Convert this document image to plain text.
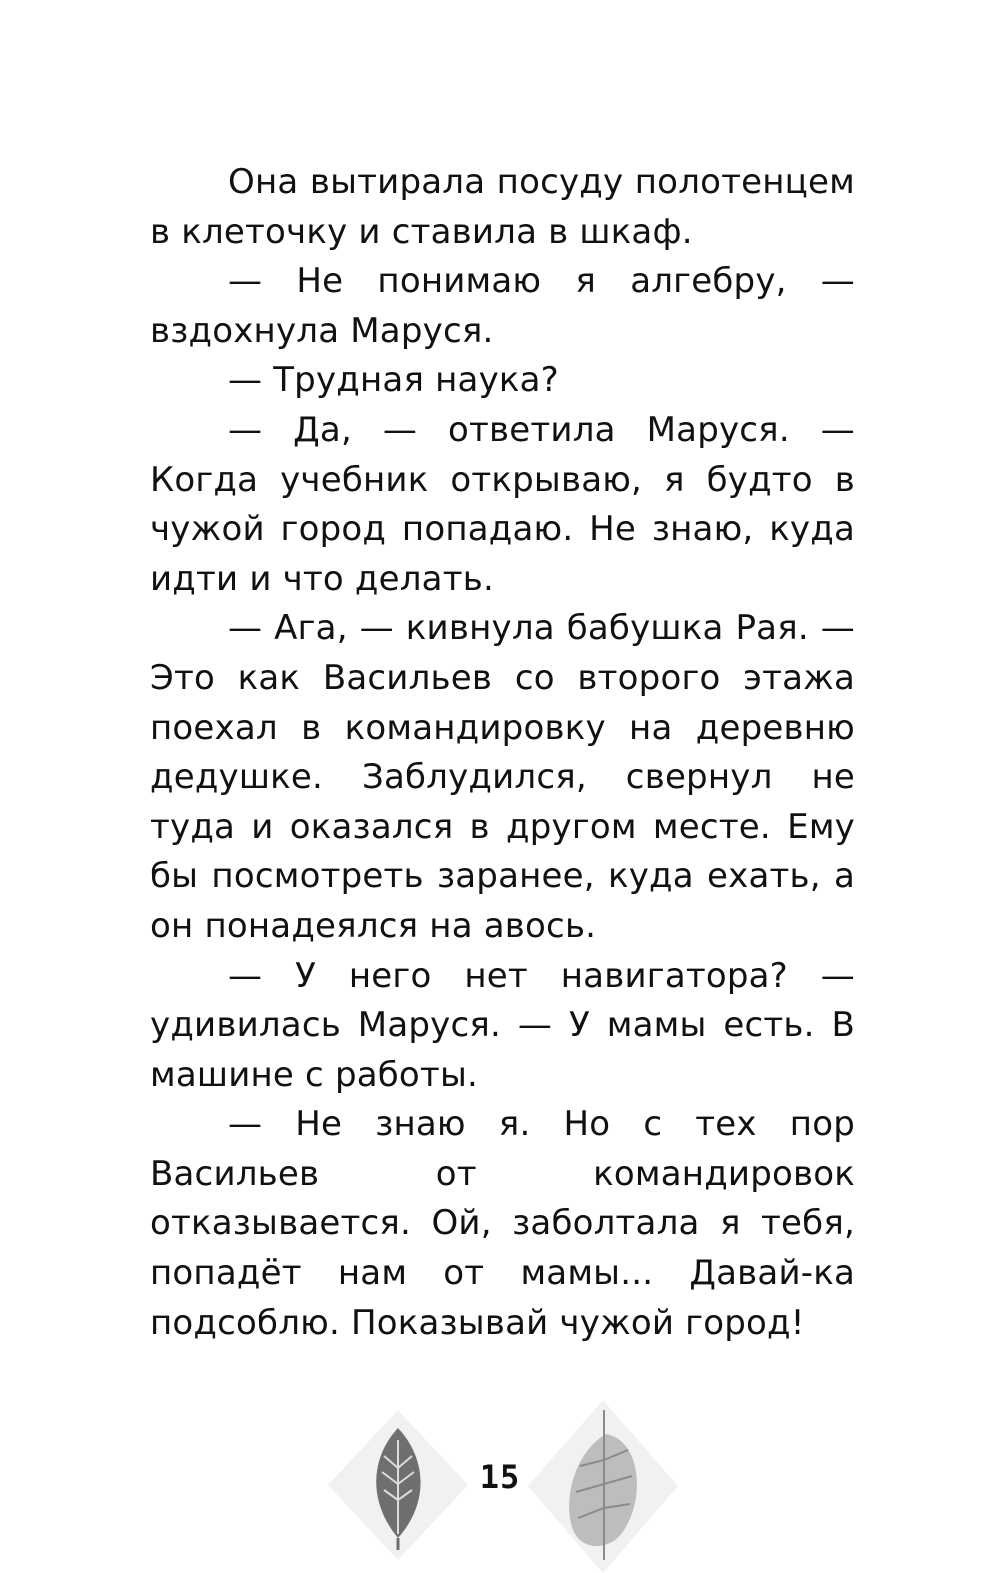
Она вытирала посуду полотенцем в клеточку и ставила в шкаф.

— Не понимаю я алгебру, — вздохнула Маруся.

— Трудная наука?

— Да, — ответила Маруся. — Когда учебник открываю, я будто в чужой город попадаю. Не знаю, куда идти и что делать.

— Ага, — кивнула бабушка Рая. — Это как Васильев со второго этажа поехал в командировку на деревню дедушке. Заблудился, свернул не туда и оказался в другом месте. Ему бы посмотреть заранее, куда ехать, а он понадеялся на авось.

— У него нет навигатора? — удивилась Маруся. — У мамы есть. В машине с работы.

— Не знаю я. Но с тех пор Васильев от командировок отказывается. Ой, заболтала я тебя, попадёт нам от мамы... Давай-ка подсоблю. Показывай чужой город!

15
